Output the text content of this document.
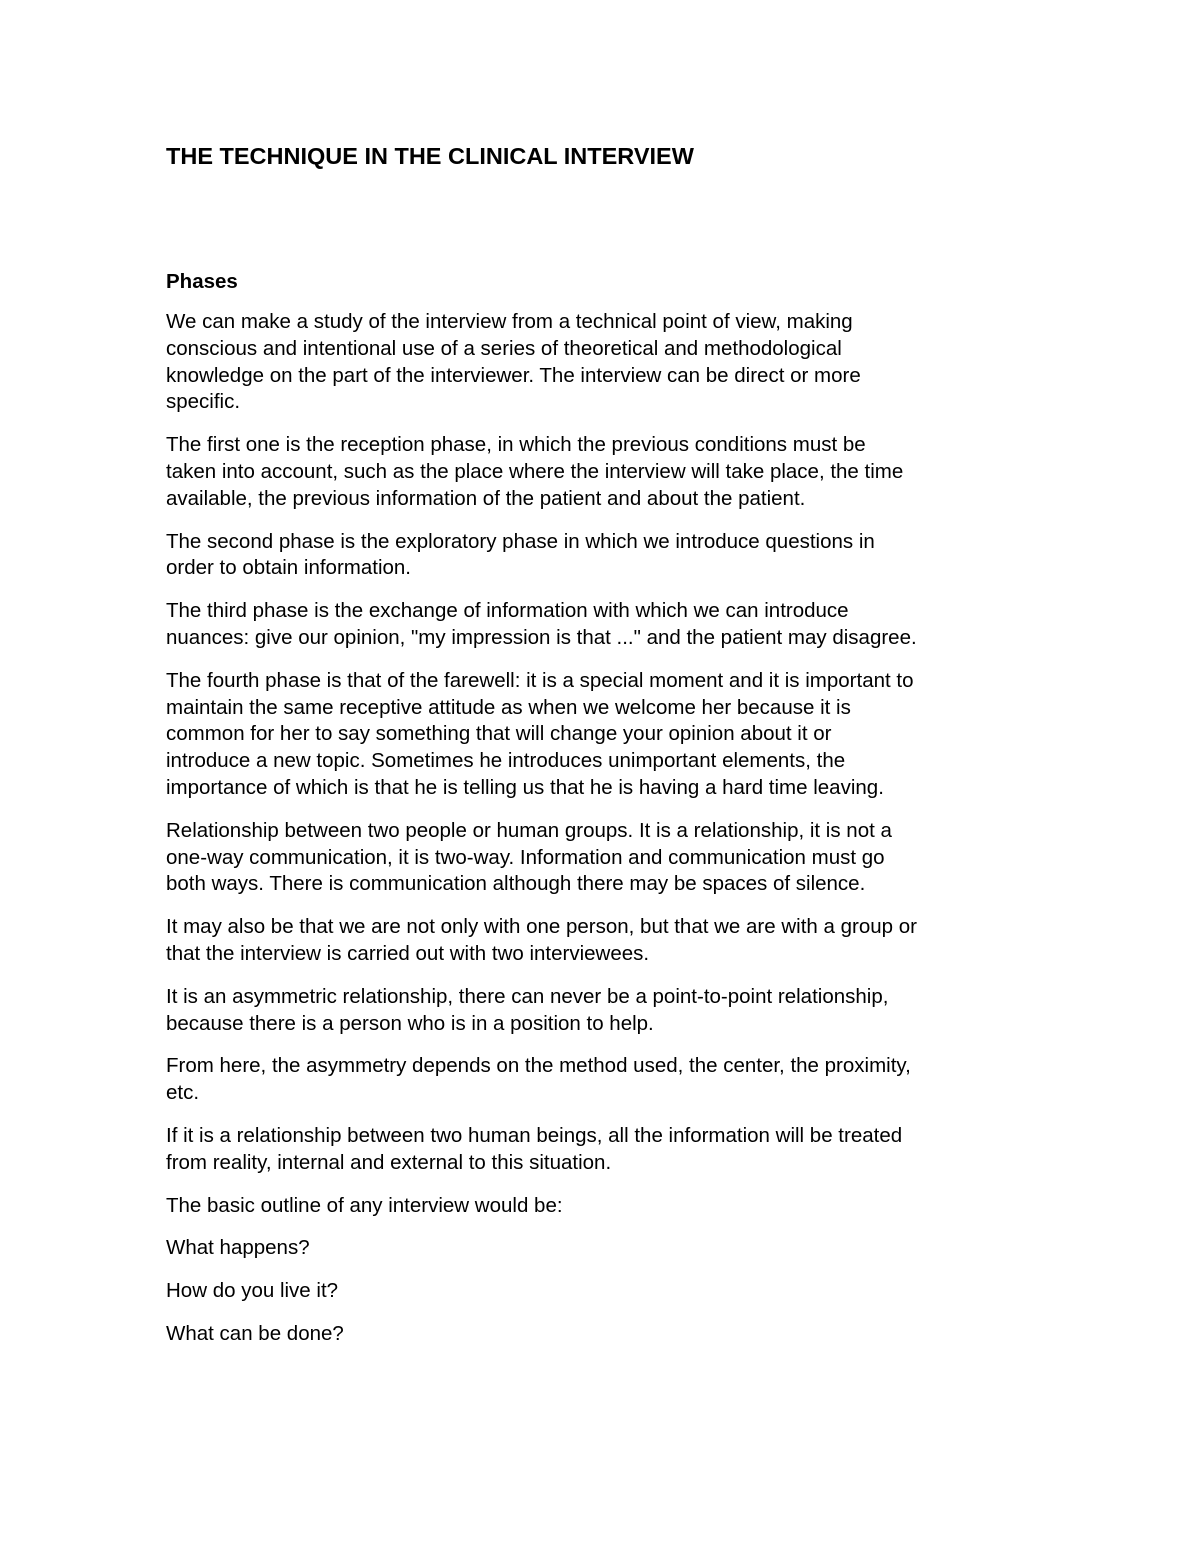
THE TECHNIQUE IN THE CLINICAL INTERVIEW
Phases

We can make a study of the interview from a technical point of view, making
conscious and intentional use of a series of theoretical and methodological
knowledge on the part of the interviewer. The interview can be direct or more
specific.

The first one is the reception phase, in which the previous conditions must be
taken into account, such as the place where the interview will take place, the time
available, the previous information of the patient and about the patient.

The second phase is the exploratory phase in which we introduce questions in
order to obtain information.

The third phase is the exchange of information with which we can introduce
nuances: give our opinion, "my impression is that ..." and the patient may disagree.

The fourth phase is that of the farewell: it is a special moment and it is important to
maintain the same receptive attitude as when we welcome her because it is
common for her to say something that will change your opinion about it or
introduce a new topic. Sometimes he introduces unimportant elements, the
importance of which is that he is telling us that he is having a hard time leaving.

Relationship between two people or human groups. It is a relationship, it is not a
one-way communication, it is two-way. Information and communication must go
both ways. There is communication although there may be spaces of silence.

It may also be that we are not only with one person, but that we are with a group or
that the interview is carried out with two interviewees.

It is an asymmetric relationship, there can never be a point-to-point relationship,
because there is a person who is in a position to help.

From here, the asymmetry depends on the method used, the center, the proximity,
etc.

If it is a relationship between two human beings, all the information will be treated
from reality, internal and external to this situation.

The basic outline of any interview would be:

What happens?

How do you live it?

What can be done?
